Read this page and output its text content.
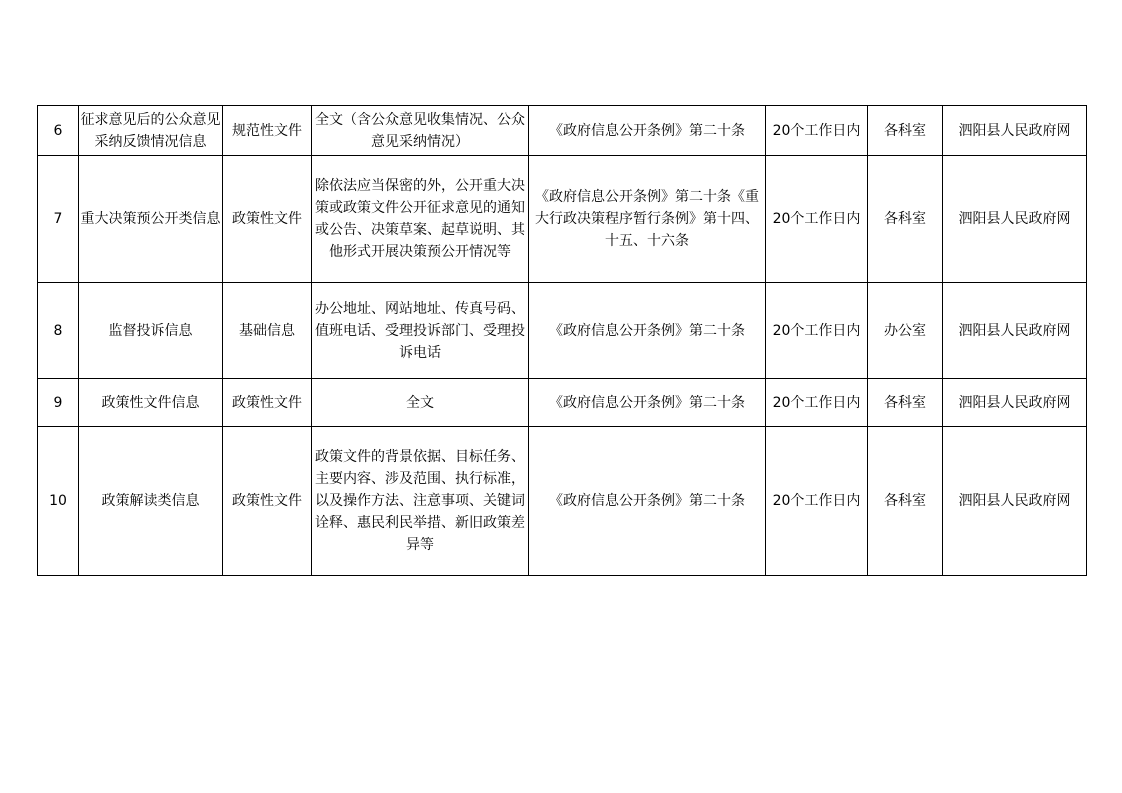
6	征求意见后的公众意见采纳反馈情况信息	规范性文件	全文（含公众意见收集情况、公众意见采纳情况）	《政府信息公开条例》第二十条	20个工作日内	各科室	泗阳县人民政府网
7	重大决策预公开类信息	政策性文件	除依法应当保密的外，公开重大决策或政策文件公开征求意见的通知或公告、决策草案、起草说明、其他形式开展决策预公开情况等	《政府信息公开条例》第二十条《重大行政决策程序暂行条例》第十四、十五、十六条	20个工作日内	各科室	泗阳县人民政府网
8	监督投诉信息	基础信息	办公地址、网站地址、传真号码、值班电话、受理投诉部门、受理投诉电话	《政府信息公开条例》第二十条	20个工作日内	办公室	泗阳县人民政府网
9	政策性文件信息	政策性文件	全文	《政府信息公开条例》第二十条	20个工作日内	各科室	泗阳县人民政府网
10	政策解读类信息	政策性文件	政策文件的背景依据、目标任务、主要内容、涉及范围、执行标准，以及操作方法、注意事项、关键词诠释、惠民利民举措、新旧政策差异等	《政府信息公开条例》第二十条	20个工作日内	各科室	泗阳县人民政府网
